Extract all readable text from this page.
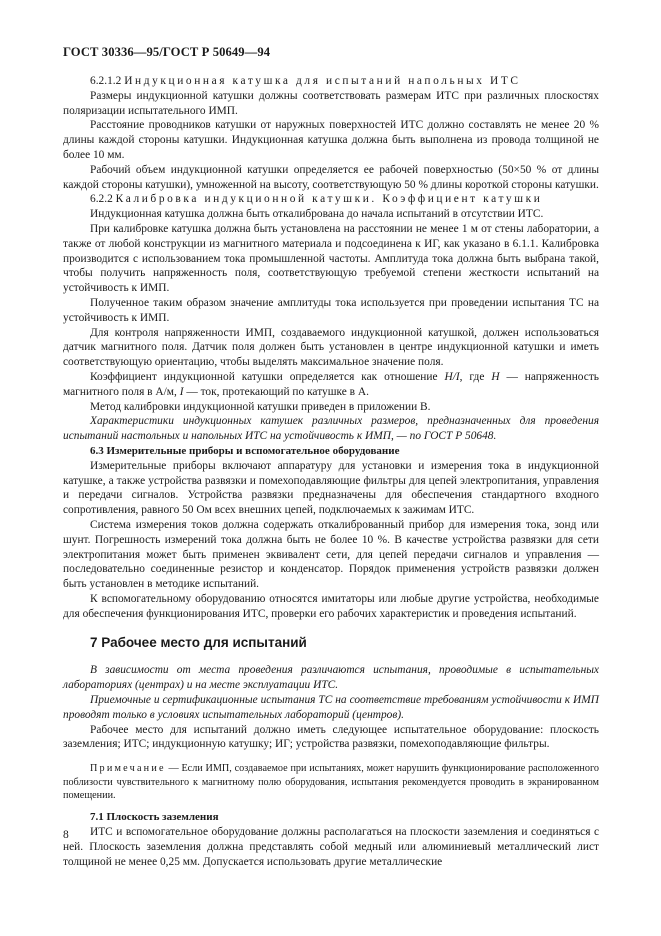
ГОСТ 30336—95/ГОСТ Р 50649—94

6.2.1.2 Индукционная катушка для испытаний напольных ИТС

Размеры индукционной катушки должны соответствовать размерам ИТС при различных плоскостях поляризации испытательного ИМП.

Расстояние проводников катушки от наружных поверхностей ИТС должно составлять не менее 20 % длины каждой стороны катушки. Индукционная катушка должна быть выполнена из провода толщиной не более 10 мм.

Рабочий объем индукционной катушки определяется ее рабочей поверхностью (50×50 % от длины каждой стороны катушки), умноженной на высоту, соответствующую 50 % длины короткой стороны катушки.

6.2.2 Калибровка индукционной катушки. Коэффициент катушки

Индукционная катушка должна быть откалибрована до начала испытаний в отсутствии ИТС.

При калибровке катушка должна быть установлена на расстоянии не менее 1 м от стены лаборатории, а также от любой конструкции из магнитного материала и подсоединена к ИГ, как указано в 6.1.1. Калибровка производится с использованием тока промышленной частоты. Амплитуда тока должна быть выбрана такой, чтобы получить напряженность поля, соответствующую требуемой степени жесткости испытаний на устойчивость к ИМП.

Полученное таким образом значение амплитуды тока используется при проведении испытания ТС на устойчивость к ИМП.

Для контроля напряженности ИМП, создаваемого индукционной катушкой, должен использоваться датчик магнитного поля. Датчик поля должен быть установлен в центре индукционной катушки и иметь соответствующую ориентацию, чтобы выделять максимальное значение поля.

Коэффициент индукционной катушки определяется как отношение H/I, где H — напряженность магнитного поля в А/м, I — ток, протекающий по катушке в А.

Метод калибровки индукционной катушки приведен в приложении В.

Характеристики индукционных катушек различных размеров, предназначенных для проведения испытаний настольных и напольных ИТС на устойчивость к ИМП, — по ГОСТ Р 50648.

6.3 Измерительные приборы и вспомогательное оборудование

Измерительные приборы включают аппаратуру для установки и измерения тока в индукционной катушке, а также устройства развязки и помехоподавляющие фильтры для цепей электропитания, управления и передачи сигналов. Устройства развязки предназначены для обеспечения стандартного входного сопротивления, равного 50 Ом всех внешних цепей, подключаемых к зажимам ИТС.

Система измерения токов должна содержать откалиброванный прибор для измерения тока, зонд или шунт. Погрешность измерений тока должна быть не более 10 %. В качестве устройства развязки для сети электропитания может быть применен эквивалент сети, для цепей передачи сигналов и управления — последовательно соединенные резистор и конденсатор. Порядок применения устройств развязки должен быть установлен в методике испытаний.

К вспомогательному оборудованию относятся имитаторы или любые другие устройства, необходимые для обеспечения функционирования ИТС, проверки его рабочих характеристик и проведения испытаний.

7 Рабочее место для испытаний

В зависимости от места проведения различаются испытания, проводимые в испытательных лабораториях (центрах) и на месте эксплуатации ИТС.

Приемочные и сертификационные испытания ТС на соответствие требованиям устойчивости к ИМП проводят только в условиях испытательных лабораторий (центров).

Рабочее место для испытаний должно иметь следующее испытательное оборудование: плоскость заземления; ИТС; индукционную катушку; ИГ; устройства развязки, помехоподавляющие фильтры.

Примечание — Если ИМП, создаваемое при испытаниях, может нарушить функционирование расположенного поблизости чувствительного к магнитному полю оборудования, испытания рекомендуется проводить в экранированном помещении.

7.1 Плоскость заземления

ИТС и вспомогательное оборудование должны располагаться на плоскости заземления и соединяться с ней. Плоскость заземления должна представлять собой медный или алюминиевый металлический лист толщиной не менее 0,25 мм. Допускается использовать другие металлические

8
